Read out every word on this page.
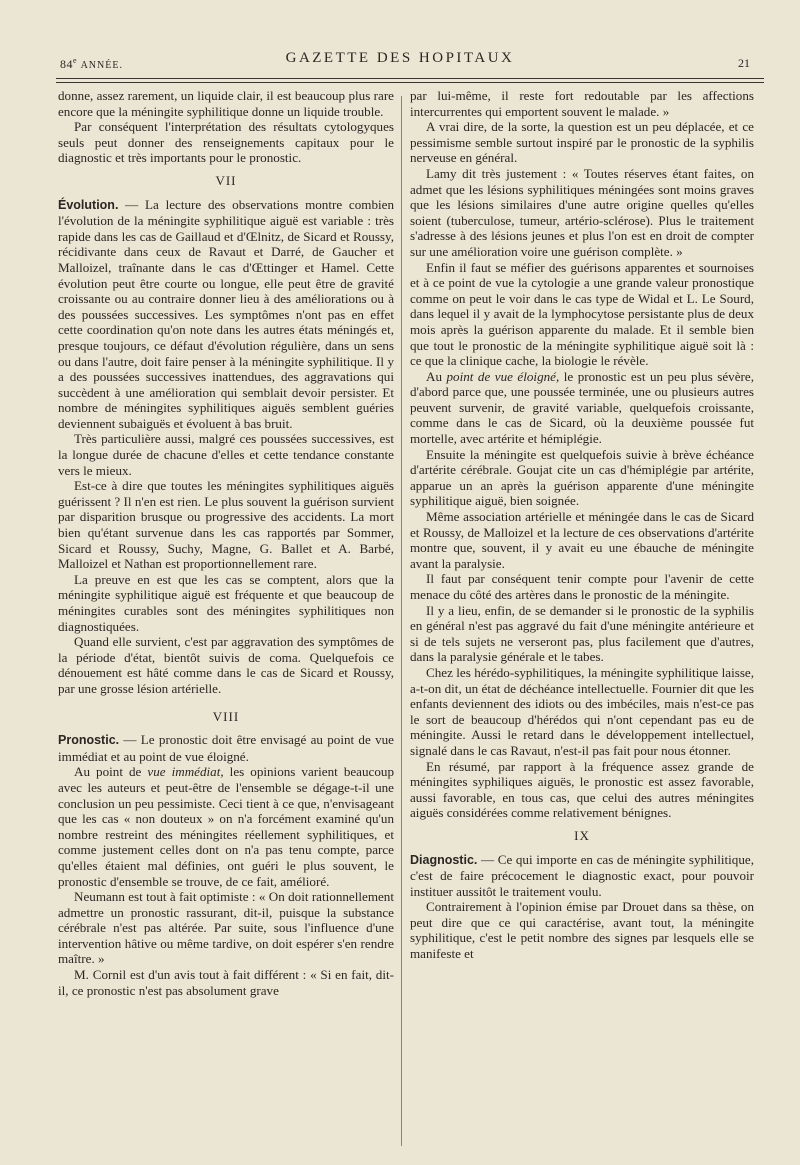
84e ANNÉE.	GAZETTE DES HOPITAUX	21

donne, assez rarement, un liquide clair, il est beaucoup plus rare encore que la méningite syphilitique donne un liquide trouble.

Par conséquent l'interprétation des résultats cytologyques seuls peut donner des renseignements capitaux pour le diagnostic et très importants pour le pronostic.

VII

Évolution. — La lecture des observations montre combien l'évolution de la méningite syphilitique aiguë est variable : très rapide dans les cas de Gaillaud et d'Œlnitz, de Sicard et Roussy, récidivante dans ceux de Ravaut et Darré, de Gaucher et Malloizel, traînante dans le cas d'Œttinger et Hamel. Cette évolution peut être courte ou longue, elle peut être de gravité croissante ou au contraire donner lieu à des améliorations ou à des poussées successives. Les symptômes n'ont pas en effet cette coordination qu'on note dans les autres états méningés et, presque toujours, ce défaut d'évolution régulière, dans un sens ou dans l'autre, doit faire penser à la méningite syphilitique. Il y a des poussées successives inattendues, des aggravations qui succèdent à une amélioration qui semblait devoir persister. Et nombre de méningites syphilitiques aiguës semblent guéries deviennent subaiguës et évoluent à bas bruit.

Très particulière aussi, malgré ces poussées successives, est la longue durée de chacune d'elles et cette tendance constante vers le mieux.

Est-ce à dire que toutes les méningites syphilitiques aiguës guérissent ? Il n'en est rien. Le plus souvent la guérison survient par disparition brusque ou progressive des accidents. La mort bien qu'étant survenue dans les cas rapportés par Sommer, Sicard et Roussy, Suchy, Magne, G. Ballet et A. Barbé, Malloizel et Nathan est proportionnellement rare.

La preuve en est que les cas se comptent, alors que la méningite syphilitique aiguë est fréquente et que beaucoup de méningites curables sont des méningites syphilitiques non diagnostiquées.

Quand elle survient, c'est par aggravation des symptômes de la période d'état, bientôt suivis de coma. Quelquefois ce dénouement est hâté comme dans le cas de Sicard et Roussy, par une grosse lésion artérielle.

VIII

Pronostic. — Le pronostic doit être envisagé au point de vue immédiat et au point de vue éloigné.

Au point de vue immédiat, les opinions varient beaucoup avec les auteurs et peut-être de l'ensemble se dégage-t-il une conclusion un peu pessimiste. Ceci tient à ce que, n'envisageant que les cas « non douteux » on n'a forcément examiné qu'un nombre restreint des méningites réellement syphilitiques, et comme justement celles dont on n'a pas tenu compte, parce qu'elles étaient mal définies, ont guéri le plus souvent, le pronostic d'ensemble se trouve, de ce fait, amélioré.

Neumann est tout à fait optimiste : « On doit rationnellement admettre un pronostic rassurant, dit-il, puisque la substance cérébrale n'est pas altérée. Par suite, sous l'influence d'une intervention hâtive ou même tardive, on doit espérer s'en rendre maître. »

M. Cornil est d'un avis tout à fait différent : « Si en fait, dit-il, ce pronostic n'est pas absolument grave

par lui-même, il reste fort redoutable par les affections intercurrentes qui emportent souvent le malade. »

A vrai dire, de la sorte, la question est un peu déplacée, et ce pessimisme semble surtout inspiré par le pronostic de la syphilis nerveuse en général.

Lamy dit très justement : « Toutes réserves étant faites, on admet que les lésions syphilitiques méningées sont moins graves que les lésions similaires d'une autre origine quelles qu'elles soient (tuberculose, tumeur, artério-sclérose). Plus le traitement s'adresse à des lésions jeunes et plus l'on est en droit de compter sur une amélioration voire une guérison complète. »

Enfin il faut se méfier des guérisons apparentes et sournoises et à ce point de vue la cytologie a une grande valeur pronostique comme on peut le voir dans le cas type de Widal et L. Le Sourd, dans lequel il y avait de la lymphocytose persistante plus de deux mois après la guérison apparente du malade. Et il semble bien que tout le pronostic de la méningite syphilitique aiguë soit là : ce que la clinique cache, la biologie le révèle.

Au point de vue éloigné, le pronostic est un peu plus sévère, d'abord parce que, une poussée terminée, une ou plusieurs autres peuvent survenir, de gravité variable, quelquefois croissante, comme dans le cas de Sicard, où la deuxième poussée fut mortelle, avec artérite et hémiplégie.

Ensuite la méningite est quelquefois suivie à brève échéance d'artérite cérébrale. Goujat cite un cas d'hémiplégie par artérite, apparue un an après la guérison apparente d'une méningite syphilitique aiguë, bien soignée.

Même association artérielle et méningée dans le cas de Sicard et Roussy, de Malloizel et la lecture de ces observations d'artérite montre que, souvent, il y avait eu une ébauche de méningite avant la paralysie.

Il faut par conséquent tenir compte pour l'avenir de cette menace du côté des artères dans le pronostic de la méningite.

Il y a lieu, enfin, de se demander si le pronostic de la syphilis en général n'est pas aggravé du fait d'une méningite antérieure et si de tels sujets ne verseront pas, plus facilement que d'autres, dans la paralysie générale et le tabes.

Chez les hérédo-syphilitiques, la méningite syphilitique laisse, a-t-on dit, un état de déchéance intellectuelle. Fournier dit que les enfants deviennent des idiots ou des imbéciles, mais n'est-ce pas le sort de beaucoup d'hérédos qui n'ont cependant pas eu de méningite. Aussi le retard dans le développement intellectuel, signalé dans le cas Ravaut, n'est-il pas fait pour nous étonner.

En résumé, par rapport à la fréquence assez grande de méningites syphiliques aiguës, le pronostic est assez favorable, aussi favorable, en tous cas, que celui des autres méningites aiguës considérées comme relativement bénignes.

IX

Diagnostic. — Ce qui importe en cas de méningite syphilitique, c'est de faire précocement le diagnostic exact, pour pouvoir instituer aussitôt le traitement voulu.

Contrairement à l'opinion émise par Drouet dans sa thèse, on peut dire que ce qui caractérise, avant tout, la méningite syphilitique, c'est le petit nombre des signes par lesquels elle se manifeste et
